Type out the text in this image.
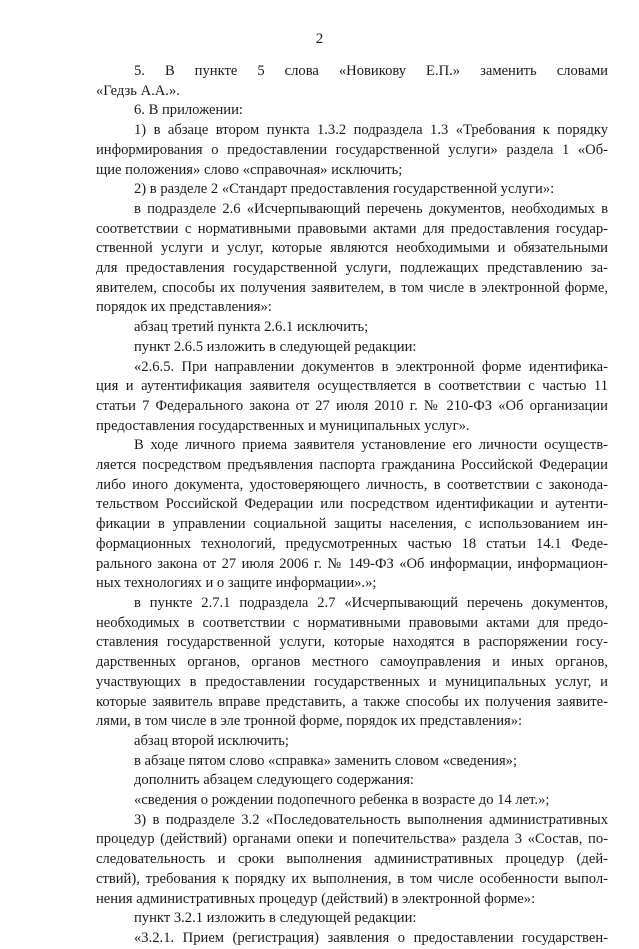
2
5. В пункте 5 слова «Новикову Е.П.» заменить словами
«Гедзь А.А.».
6. В приложении:
1) в абзаце втором пункта 1.3.2 подраздела 1.3 «Требования к порядку
информирования о предоставлении государственной услуги» раздела 1 «Об-
щие положения» слово «справочная» исключить;
2) в разделе 2 «Стандарт предоставления государственной услуги»:
в подразделе 2.6 «Исчерпывающий перечень документов, необходимых в
соответствии с нормативными правовыми актами для предоставления государ-
ственной услуги и услуг, которые являются необходимыми и обязательными
для предоставления государственной услуги, подлежащих представлению за-
явителем, способы их получения заявителем, в том числе в электронной форме,
порядок их представления»:
абзац третий пункта 2.6.1 исключить;
пункт 2.6.5 изложить в следующей редакции:
«2.6.5. При направлении документов в электронной форме идентифика-
ция и аутентификация заявителя осуществляется в соответствии с частью 11
статьи 7 Федерального закона от 27 июля 2010 г. № 210-ФЗ «Об организации
предоставления государственных и муниципальных услуг».
В ходе личного приема заявителя установление его личности осуществ-
ляется посредством предъявления паспорта гражданина Российской Федерации
либо иного документа, удостоверяющего личность, в соответствии с законода-
тельством Российской Федерации или посредством идентификации и аутенти-
фикации в управлении социальной защиты населения, с использованием ин-
формационных технологий, предусмотренных частью 18 статьи 14.1 Феде-
рального закона от 27 июля 2006 г. № 149-ФЗ «Об информации, информацион-
ных технологиях и о защите информации».»;
в пункте 2.7.1 подраздела 2.7 «Исчерпывающий перечень документов,
необходимых в соответствии с нормативными правовыми актами для предо-
ставления государственной услуги, которые находятся в распоряжении госу-
дарственных органов, органов местного самоуправления и иных органов,
участвующих в предоставлении государственных и муниципальных услуг, и
которые заявитель вправе представить, а также способы их получения заявите-
лями, в том числе в эле тронной форме, порядок их представления»:
абзац второй исключить;
в абзаце пятом слово «справка» заменить словом «сведения»;
дополнить абзацем следующего содержания:
«сведения о рождении подопечного ребенка в возрасте до 14 лет.»;
3) в подразделе 3.2 «Последовательность выполнения административных
процедур (действий) органами опеки и попечительства» раздела 3 «Состав, по-
следовательность и сроки выполнения административных процедур (дей-
ствий), требования к порядку их выполнения, в том числе особенности выпол-
нения административных процедур (действий) в электронной форме»:
пункт 3.2.1 изложить в следующей редакции:
«3.2.1. Прием (регистрация) заявления о предоставлении государствен-
